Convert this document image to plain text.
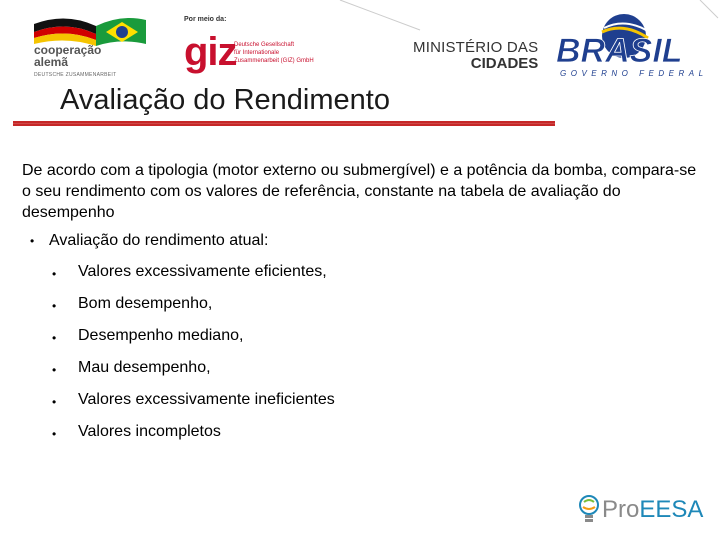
cooperação
alemã
DEUTSCHE ZUSAMMENARBEIT
Por meio da:
giz
Deutsche Gesellschaft
für Internationale
Zusammenarbeit (GIZ) GmbH
MINISTÉRIO DAS
CIDADES BRASIL
GOVERNO FEDERAL
Avaliação do Rendimento

De acordo com a tipologia (motor externo ou submergível) e a potência da bomba, compara-se o seu rendimento com os valores de referência, constante na tabela de avaliação do desempenho

• Avaliação do rendimento atual:
• Valores excessivamente eficientes,
• Bom desempenho,
• Desempenho mediano,
• Mau desempenho,
• Valores excessivamente ineficientes
• Valores incompletos
ProEESA
